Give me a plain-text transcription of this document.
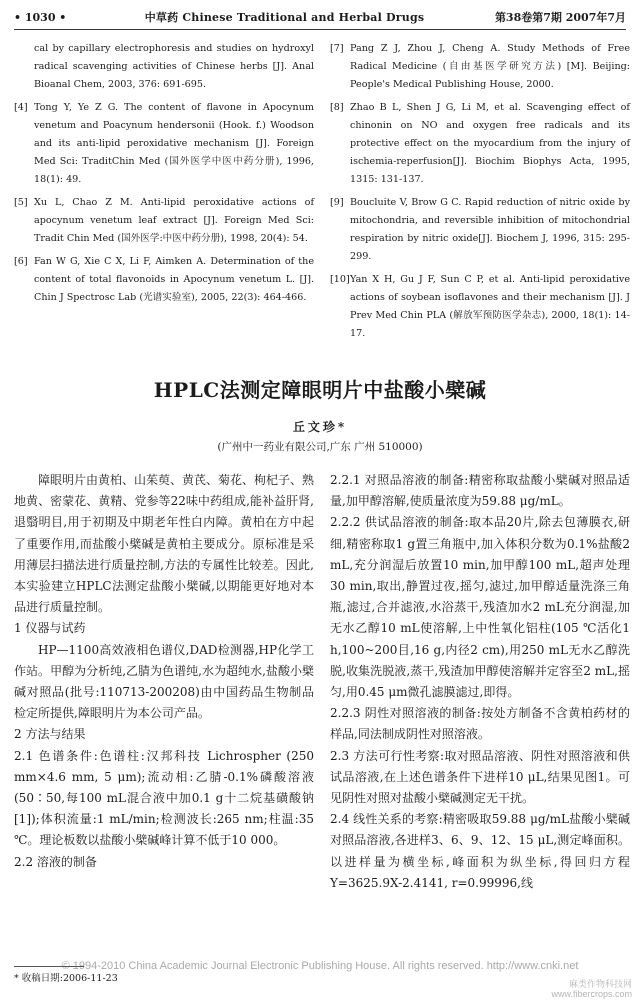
• 1030 •	中草药 Chinese Traditional and Herbal Drugs	第38卷第7期 2007年7月
cal by capillary electrophoresis and studies on hydroxyl radical scavenging activities of Chinese herbs [J]. Anal Bioanal Chem, 2003, 376: 691-695.
[4] Tong Y, Ye Z G. The content of flavone in Apocynum venetum and Poacynum hendersonii (Hook. f.) Woodson and its anti-lipid peroxidative mechanism [J]. Foreign Med Sci: TraditChin Med (国外医学中医中药分册), 1996, 18(1): 49.
[5] Xu L, Chao Z M. Anti-lipid peroxidative actions of apocynum venetum leaf extract [J]. Foreign Med Sci: Tradit Chin Med (国外医学:中医中药分册), 1998, 20(4): 54.
[6] Fan W G, Xie C X, Li F, Aimken A. Determination of the content of total flavonoids in Apocynum venetum L. [J]. Chin J Spectrosc Lab (光谱实验室), 2005, 22(3): 464-466.
[7] Pang Z J, Zhou J, Cheng A. Study Methods of Free Radical Medicine (自由基医学研究方法) [M]. Beijing: People's Medical Publishing House, 2000.
[8] Zhao B L, Shen J G, Li M, et al. Scavenging effect of chinonin on NO and oxygen free radicals and its protective effect on the myocardium from the injury of ischemia-reperfusion[J]. Biochim Biophys Acta, 1995, 1315: 131-137.
[9] Boucluite V, Brow G C. Rapid reduction of nitric oxide by mitochondria, and reversible inhibition of mitochondrial respiration by nitric oxide[J]. Biochem J, 1996, 315: 295-299.
[10] Yan X H, Gu J F, Sun C P, et al. Anti-lipid peroxidative actions of soybean isoflavones and their mechanism [J]. J Prev Med Chin PLA (解放军预防医学杂志), 2000, 18(1): 14-17.
HPLC法测定障眼明片中盐酸小檗碱
丘文珍*
(广州中一药业有限公司,广东 广州 510000)

障眼明片由黄柏、山茱萸、黄芪、菊花、枸杞子、熟地黄、密蒙花、黄精、党参等22味中药组成,能补益肝肾,退翳明目,用于初期及中期老年性白内障。黄柏在方中起了重要作用,而盐酸小檗碱是黄柏主要成分。原标准是采用薄层扫描法进行质量控制,方法的专属性比较差。因此,本实验建立HPLC法测定盐酸小檗碱,以期能更好地对本品进行质量控制。

1 仪器与试药

HP—1100高效液相色谱仪,DAD检测器,HP化学工作站。甲醇为分析纯,乙腈为色谱纯,水为超纯水,盐酸小檗碱对照品(批号:110713-200208)由中国药品生物制品检定所提供,障眼明片为本公司产品。

2 方法与结果

2.1 色谱条件:色谱柱:汉邦科技 Lichrospher (250 mm×4.6 mm, 5 μm);流动相:乙腈-0.1%磷酸溶液(50∶50,每100 mL混合液中加0.1 g十二烷基磺酸钠[1]);体积流量:1 mL/min;检测波长:265 nm;柱温:35 ℃。理论板数以盐酸小檗碱峰计算不低于10 000。

2.2 溶液的制备

2.2.1 对照品溶液的制备:精密称取盐酸小檗碱对照品适量,加甲醇溶解,使质量浓度为59.88 μg/mL。

2.2.2 供试品溶液的制备:取本品20片,除去包薄膜衣,研细,精密称取1 g置三角瓶中,加入体积分数为0.1%盐酸2 mL,充分润湿后放置10 min,加甲醇100 mL,超声处理30 min,取出,静置过夜,摇匀,滤过,加甲醇适量洗涤三角瓶,滤过,合并滤液,水浴蒸干,残渣加水2 mL充分润湿,加无水乙醇10 mL使溶解,上中性氧化铝柱(105 ℃活化1 h,100~200目,16 g,内径2 cm),用250 mL无水乙醇洗脱,收集洗脱液,蒸干,残渣加甲醇使溶解并定容至2 mL,摇匀,用0.45 μm微孔滤膜滤过,即得。

2.2.3 阴性对照溶液的制备:按处方制备不含黄柏药材的样品,同法制成阴性对照溶液。

2.3 方法可行性考察:取对照品溶液、阴性对照溶液和供试品溶液,在上述色谱条件下进样10 μL,结果见图1。可见阴性对照对盐酸小檗碱测定无干扰。

2.4 线性关系的考察:精密吸取59.88 μg/mL盐酸小檗碱对照品溶液,各进样3、6、9、12、15 μL,测定峰面积。以进样量为横坐标,峰面积为纵坐标,得回归方程Y=3625.9X-2.4141, r=0.99996,线

© 1994-2010 China Academic Journal Electronic Publishing House. All rights reserved. http://www.cnki.net
* 收稿日期:2006-11-23	麻类作物科技网
www.fibercrops.com
